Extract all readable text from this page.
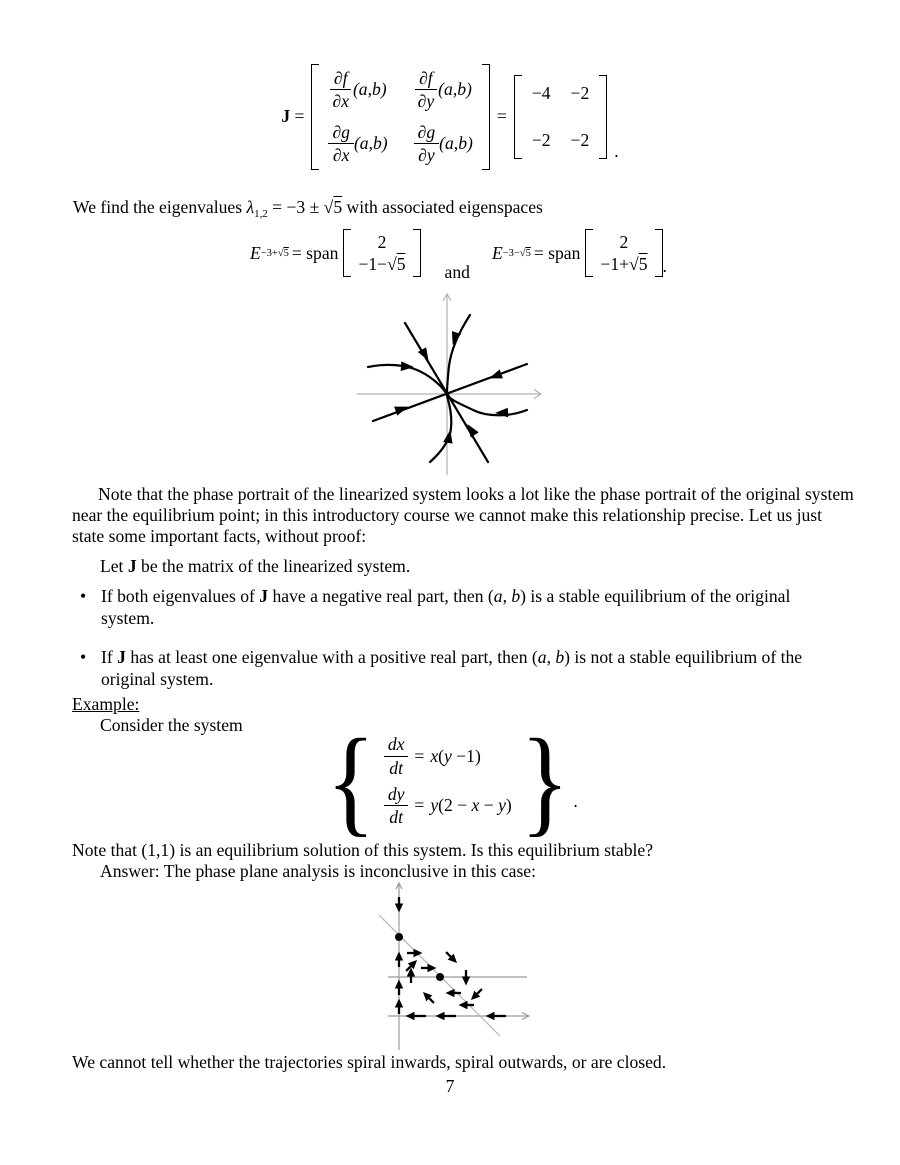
J =
$\frac{\partial f}{\partial x} (a,b) \frac{\partial f}{\partial y} (a,b)$
$\frac{\partial g}{\partial x} (a,b) \frac{\partial g}{\partial y} (a,b)$
=
−4 −2
−2 −2
.
We find the eigenvalues $\lambda_{1,2} = -3 \pm √5$ with associated eigenspaces
E −3+√5 = span
2
−1−√5 and
E −3−√5 = span
2
−1+√5 .
Note that the phase portrait of the linearized system looks a lot like the phase portrait of the original system near the equilibrium point; in this introductory course we cannot make this relationship precise. Let us just state some important facts, without proof:
Let J be the matrix of the linearized system.
• If both eigenvalues of J have a negative real part, then (a, b) is a stable equilibrium of the original system.
• If J has at least one eigenvalue with a positive real part, then (a, b) is not a stable equilibrium of the original system.
Example:
Consider the system { $\frac{dx}{dt} = x(y -1)$
$\frac{dy}{dt} = y(2 - x - y)$ } .
Note that (1,1) is an equilibrium solution of this system. Is this equilibrium stable?
Answer: The phase plane analysis is inconclusive in this case:
We cannot tell whether the trajectories spiral inwards, spiral outwards, or are closed.
7
